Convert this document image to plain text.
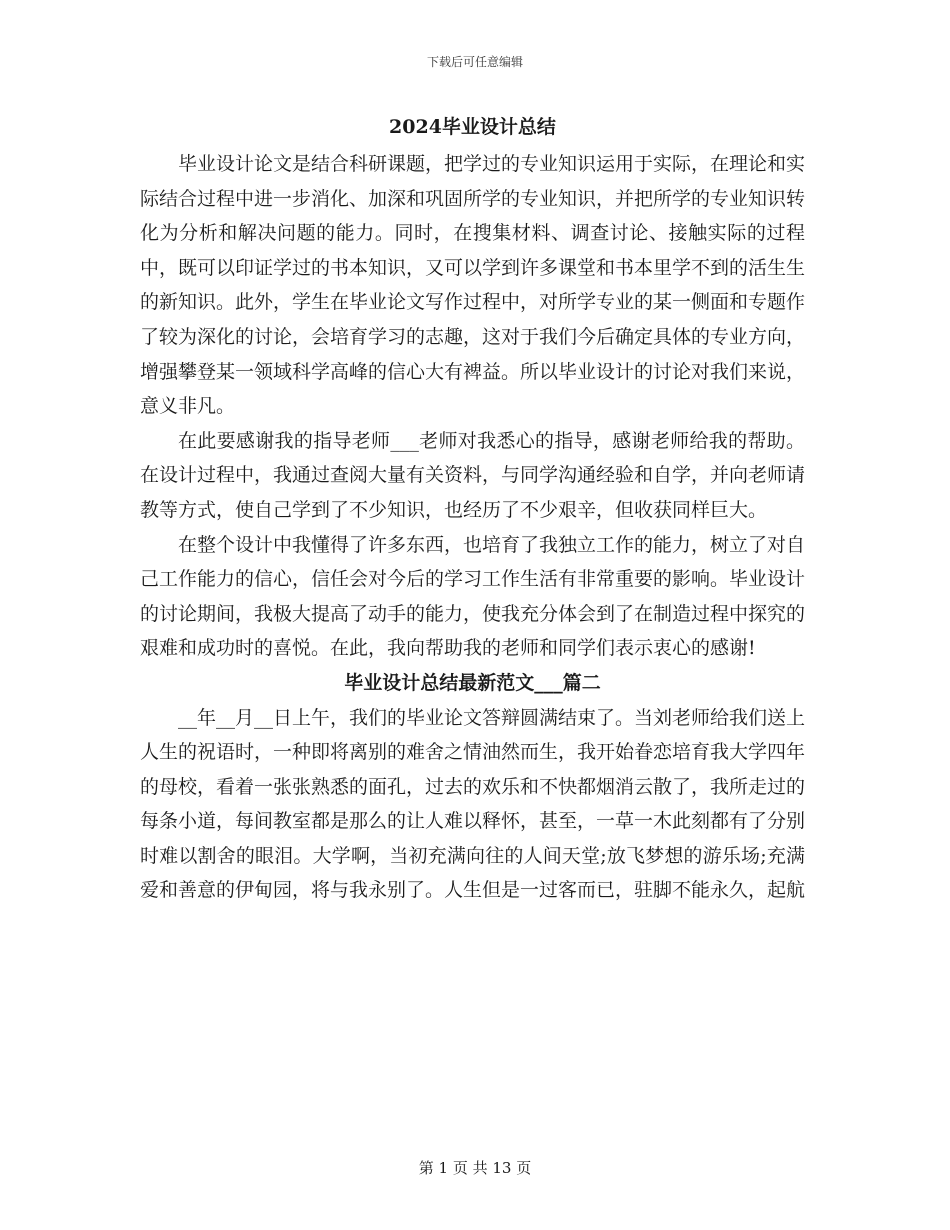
下载后可任意编辑
2024毕业设计总结

毕业设计论文是结合科研课题，把学过的专业知识运用于实际，在理论和实际结合过程中进一步消化、加深和巩固所学的专业知识，并把所学的专业知识转化为分析和解决问题的能力。同时，在搜集材料、调查讨论、接触实际的过程中，既可以印证学过的书本知识，又可以学到许多课堂和书本里学不到的活生生的新知识。此外，学生在毕业论文写作过程中，对所学专业的某一侧面和专题作了较为深化的讨论，会培育学习的志趣，这对于我们今后确定具体的专业方向，增强攀登某一领域科学高峰的信心大有裨益。所以毕业设计的讨论对我们来说，意义非凡。

在此要感谢我的指导老师___老师对我悉心的指导，感谢老师给我的帮助。在设计过程中，我通过查阅大量有关资料，与同学沟通经验和自学，并向老师请教等方式，使自己学到了不少知识，也经历了不少艰辛，但收获同样巨大。

在整个设计中我懂得了许多东西，也培育了我独立工作的能力，树立了对自己工作能力的信心，信任会对今后的学习工作生活有非常重要的影响。毕业设计的讨论期间，我极大提高了动手的能力，使我充分体会到了在制造过程中探究的艰难和成功时的喜悦。在此，我向帮助我的老师和同学们表示衷心的感谢!

毕业设计总结最新范文___篇二

__年__月__日上午，我们的毕业论文答辩圆满结束了。当刘老师给我们送上人生的祝语时，一种即将离别的难舍之情油然而生，我开始眷恋培育我大学四年的母校，看着一张张熟悉的面孔，过去的欢乐和不快都烟消云散了，我所走过的每条小道，每间教室都是那么的让人难以释怀，甚至，一草一木此刻都有了分别时难以割舍的眼泪。大学啊，当初充满向往的人间天堂;放飞梦想的游乐场;充满爱和善意的伊甸园，将与我永别了。人生但是一过客而已，驻脚不能永久，起航

第 1 页 共 13 页
